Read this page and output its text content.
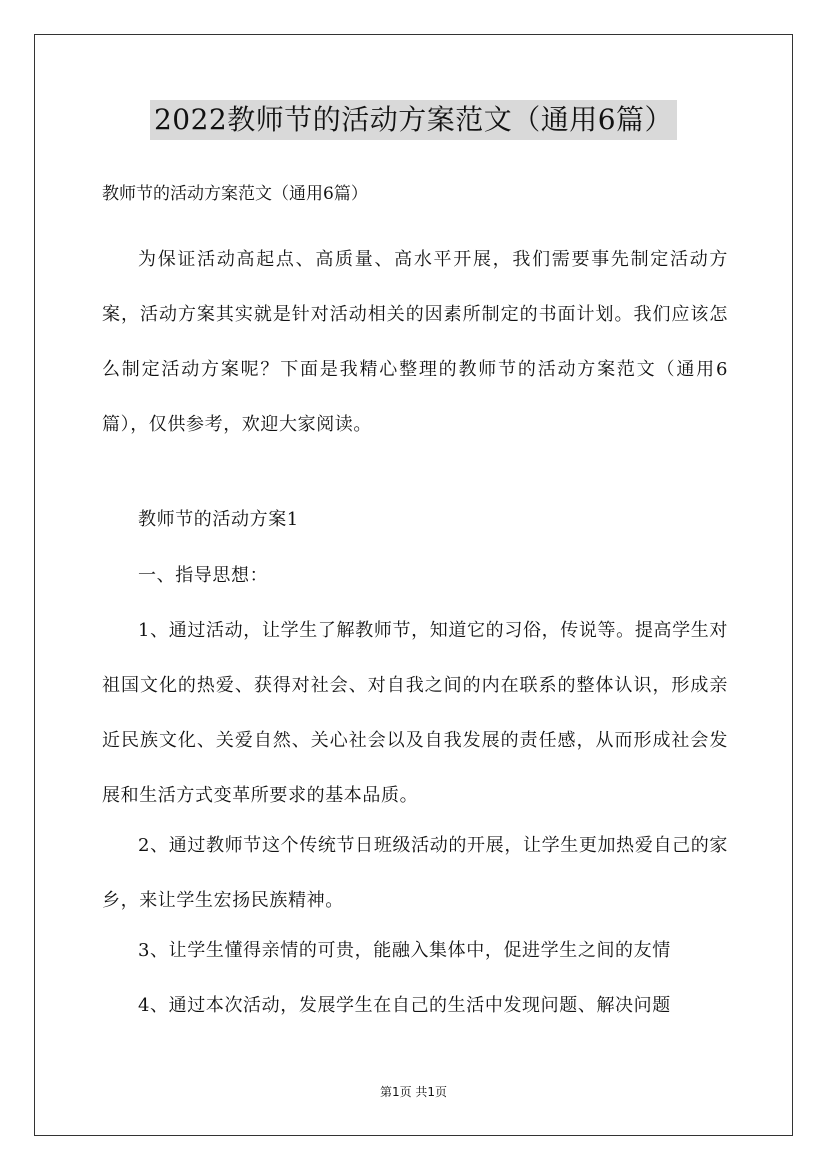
2022教师节的活动方案范文（通用6篇）
教师节的活动方案范文（通用6篇）

为保证活动高起点、高质量、高水平开展，我们需要事先制定活动方案，活动方案其实就是针对活动相关的因素所制定的书面计划。我们应该怎么制定活动方案呢？下面是我精心整理的教师节的活动方案范文（通用6篇），仅供参考，欢迎大家阅读。

教师节的活动方案1

一、指导思想：

1、通过活动，让学生了解教师节，知道它的习俗，传说等。提高学生对祖国文化的热爱、获得对社会、对自我之间的内在联系的整体认识，形成亲近民族文化、关爱自然、关心社会以及自我发展的责任感，从而形成社会发展和生活方式变革所要求的基本品质。

2、通过教师节这个传统节日班级活动的开展，让学生更加热爱自己的家乡，来让学生宏扬民族精神。

3、让学生懂得亲情的可贵，能融入集体中，促进学生之间的友情

4、通过本次活动，发展学生在自己的生活中发现问题、解决问题

第1页 共1页
